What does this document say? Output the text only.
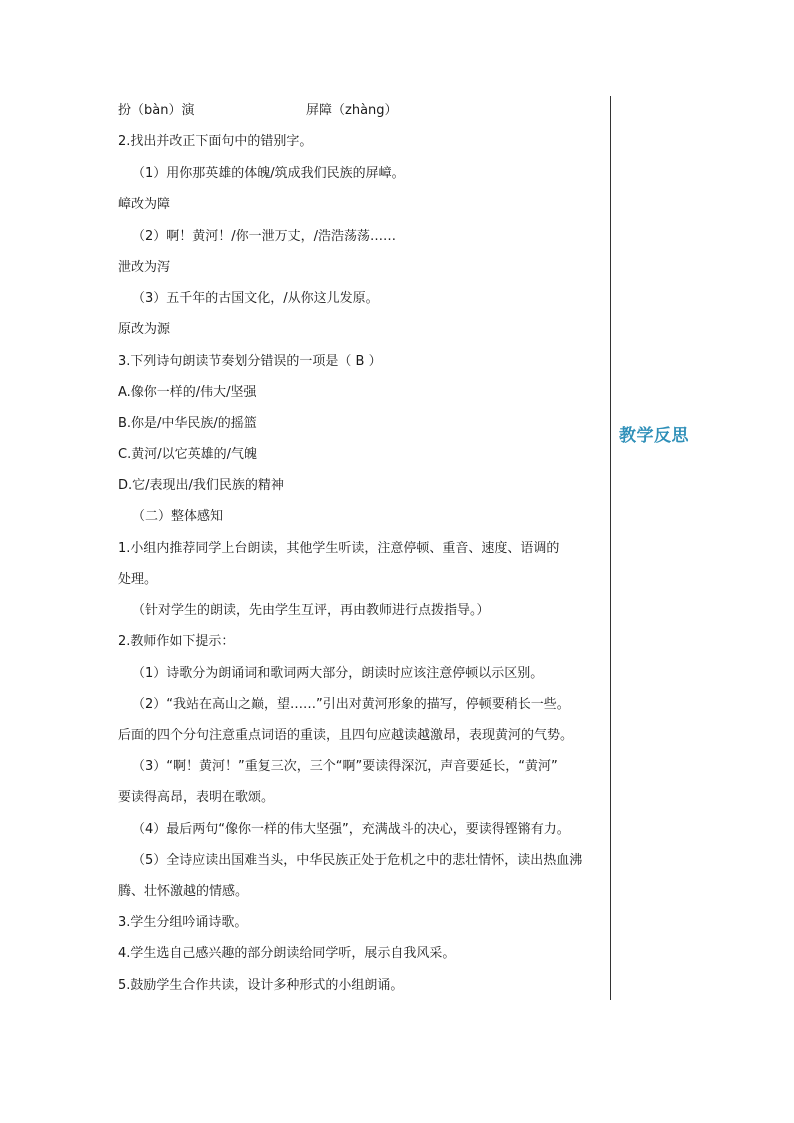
教学反思
扮（bàn）演	屏障（zhàng）
2.找出并改正下面句中的错别字。
（1）用你那英雄的体魄/筑成我们民族的屏嶂。
嶂改为障
（2）啊！黄河！/你一泄万丈，/浩浩荡荡……
泄改为泻
（3）五千年的古国文化，/从你这儿发原。
原改为源
3.下列诗句朗读节奏划分错误的一项是（ B ）
A.像你一样的/伟大/坚强
B.你是/中华民族/的摇篮
C.黄河/以它英雄的/气魄
D.它/表现出/我们民族的精神
（二）整体感知
1.小组内推荐同学上台朗读，其他学生听读，注意停顿、重音、速度、语调的
处理。
（针对学生的朗读，先由学生互评，再由教师进行点拨指导。）
2.教师作如下提示：
（1）诗歌分为朗诵词和歌词两大部分，朗读时应该注意停顿以示区别。
（2）“我站在高山之巅，望……”引出对黄河形象的描写，停顿要稍长一些。
后面的四个分句注意重点词语的重读，且四句应越读越激昂，表现黄河的气势。
（3）“啊！黄河！”重复三次，三个“啊”要读得深沉，声音要延长，“黄河”
要读得高昂，表明在歌颂。
（4）最后两句“像你一样的伟大坚强”，充满战斗的决心，要读得铿锵有力。
（5）全诗应读出国难当头，中华民族正处于危机之中的悲壮情怀，读出热血沸
腾、壮怀激越的情感。
3.学生分组吟诵诗歌。
4.学生选自己感兴趣的部分朗读给同学听，展示自我风采。
5.鼓励学生合作共读，设计多种形式的小组朗诵。
